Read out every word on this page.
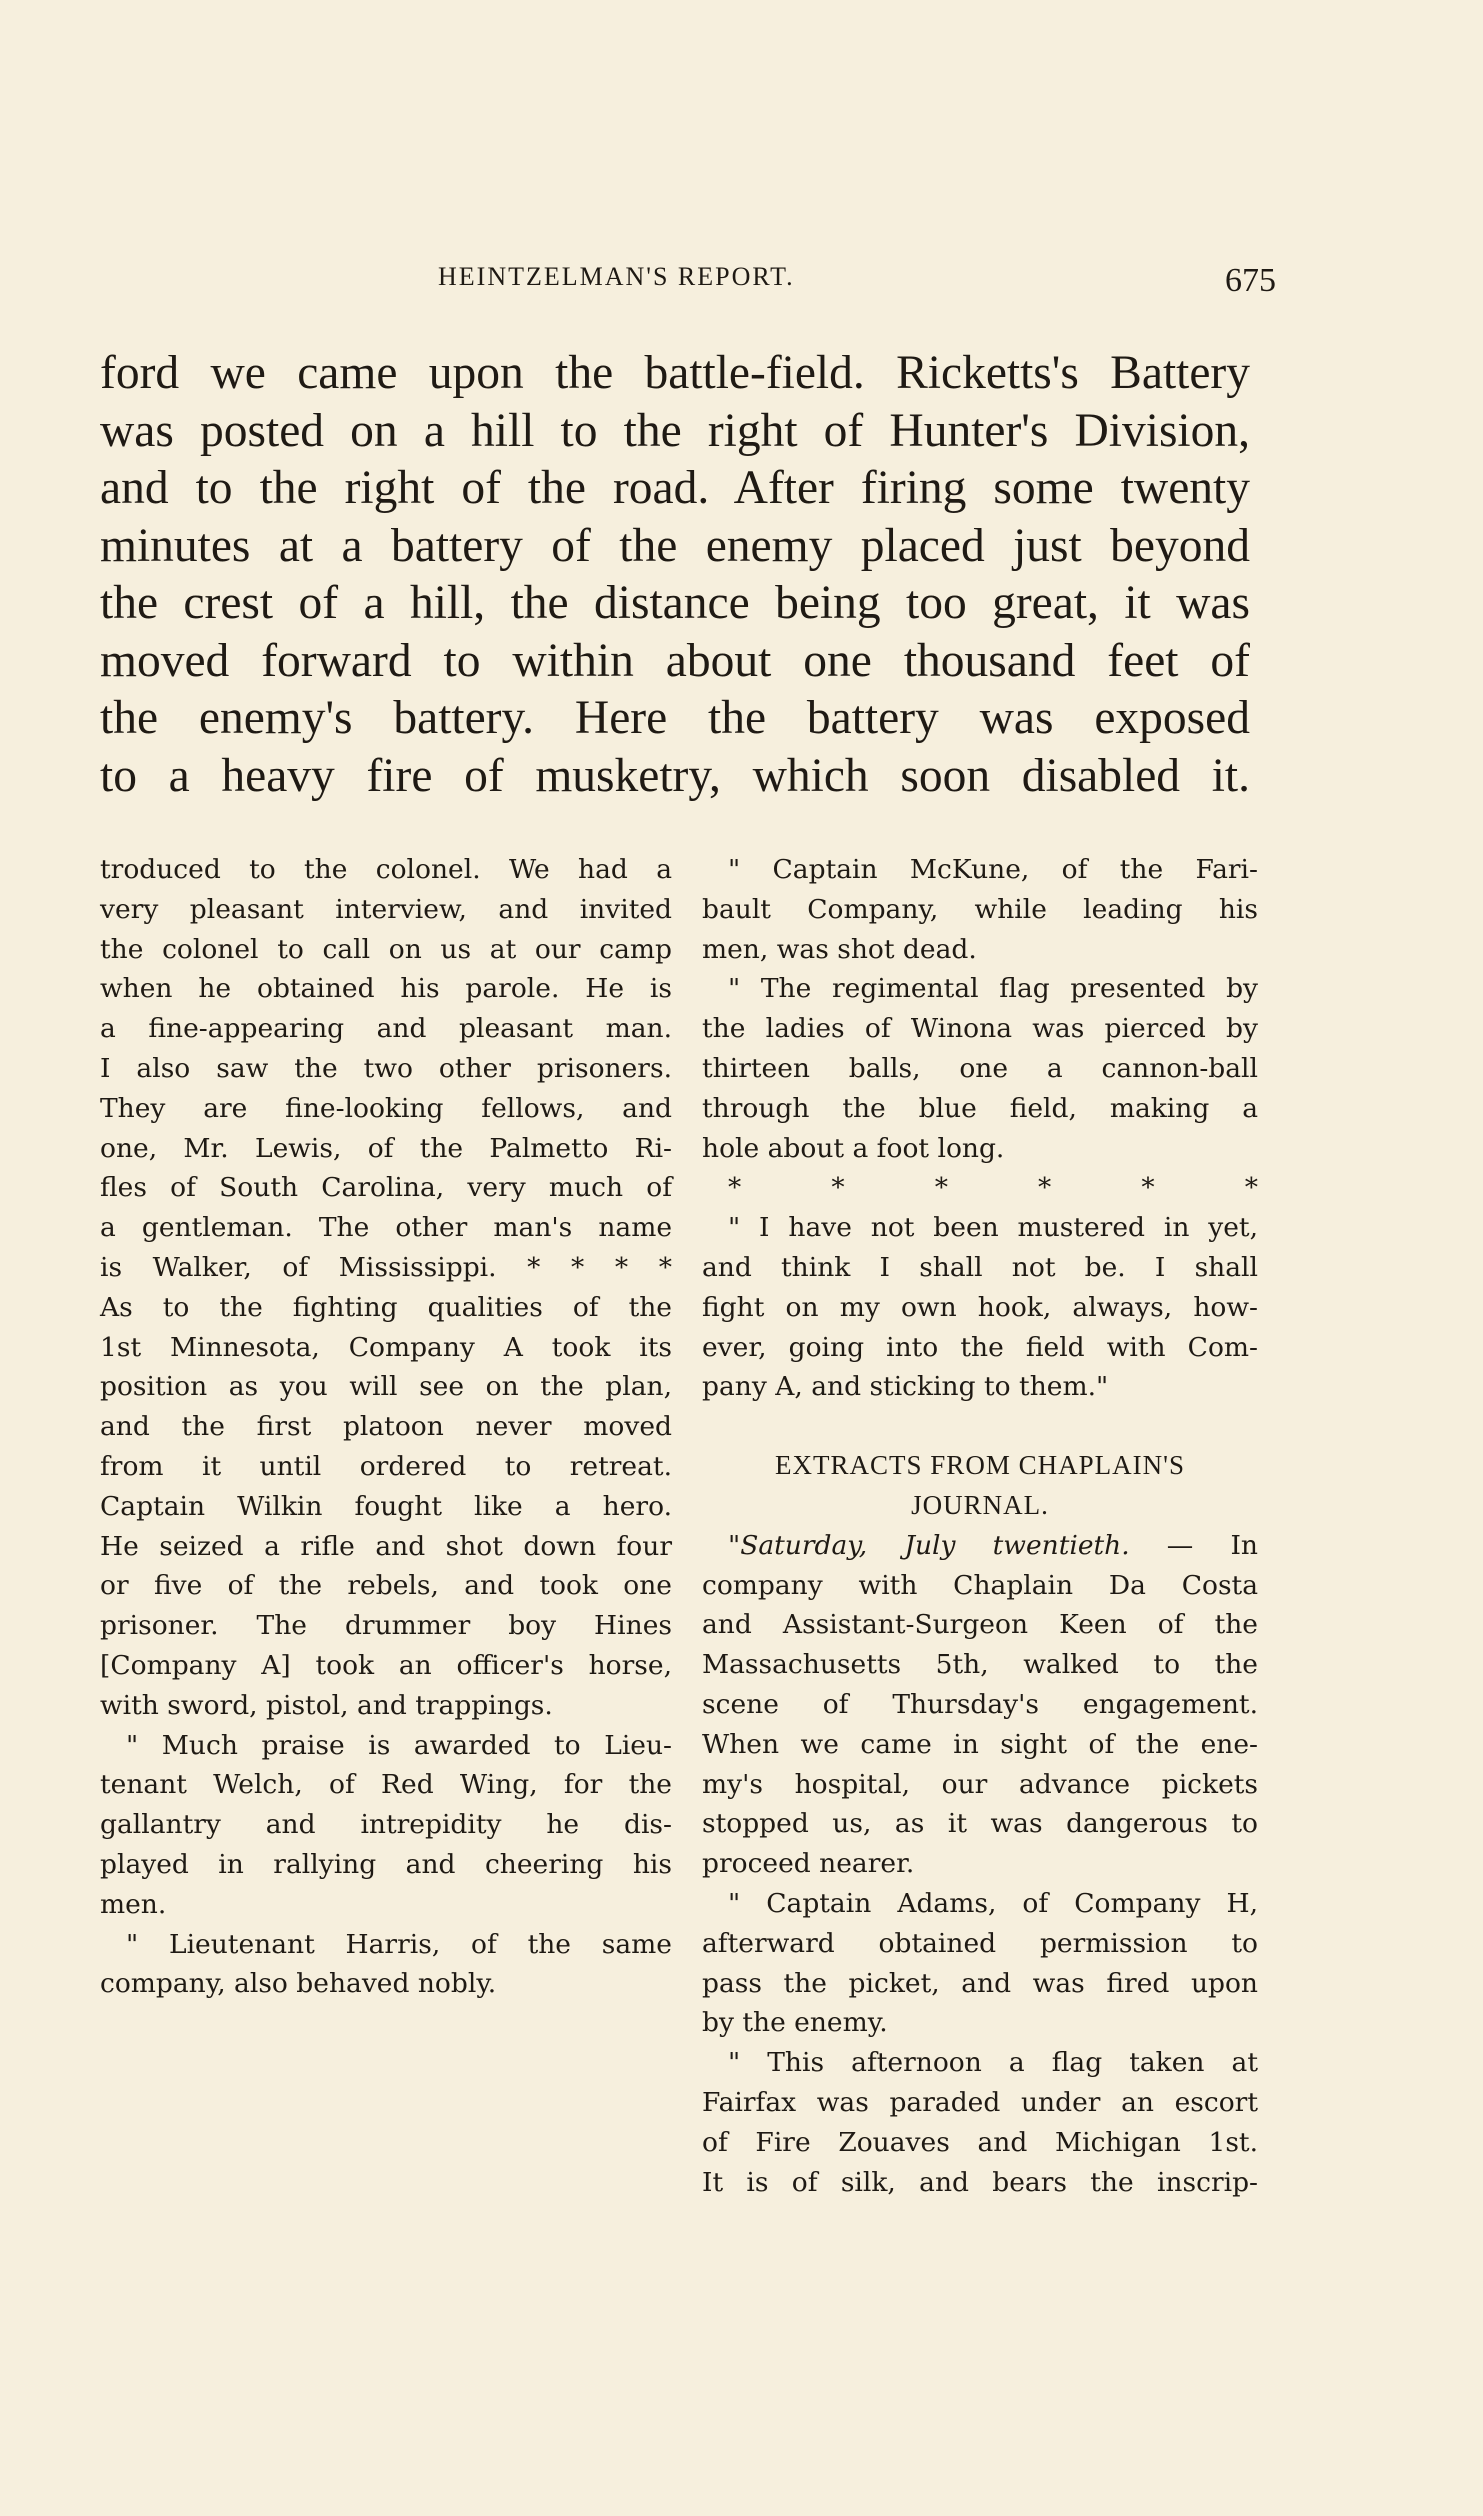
HEINTZELMAN'S REPORT.	675

ford we came upon the battle-field. Ricketts's Battery
was posted on a hill to the right of Hunter's Division,
and to the right of the road. After firing some twenty
minutes at a battery of the enemy placed just beyond
the crest of a hill, the distance being too great, it was
moved forward to within about one thousand feet of
the enemy's battery. Here the battery was exposed
to a heavy fire of musketry, which soon disabled it.

troduced to the colonel. We had a
very pleasant interview, and invited
the colonel to call on us at our camp
when he obtained his parole. He is
a fine-appearing and pleasant man.
I also saw the two other prisoners.
They are fine-looking fellows, and
one, Mr. Lewis, of the Palmetto Ri-
fles of South Carolina, very much of
a gentleman. The other man's name
is Walker, of Mississippi. * * * *
As to the fighting qualities of the
1st Minnesota, Company A took its
position as you will see on the plan,
and the first platoon never moved
from it until ordered to retreat.
Captain Wilkin fought like a hero.
He seized a rifle and shot down four
or five of the rebels, and took one
prisoner. The drummer boy Hines
[Company A] took an officer's horse,
with sword, pistol, and trappings.
" Much praise is awarded to Lieu-
tenant Welch, of Red Wing, for the
gallantry and intrepidity he dis-
played in rallying and cheering his
men.
" Lieutenant Harris, of the same
company, also behaved nobly.
" Captain McKune, of the Fari-
bault Company, while leading his
men, was shot dead.
" The regimental flag presented by
the ladies of Winona was pierced by
thirteen balls, one a cannon-ball
through the blue field, making a
hole about a foot long.
* * * * * *
" I have not been mustered in yet,
and think I shall not be. I shall
fight on my own hook, always, how-
ever, going into the field with Com-
pany A, and sticking to them."
EXTRACTS FROM CHAPLAIN'S
JOURNAL.
"Saturday, July twentieth. — In
company with Chaplain Da Costa
and Assistant-Surgeon Keen of the
Massachusetts 5th, walked to the
scene of Thursday's engagement.
When we came in sight of the ene-
my's hospital, our advance pickets
stopped us, as it was dangerous to
proceed nearer.
" Captain Adams, of Company H,
afterward obtained permission to
pass the picket, and was fired upon
by the enemy.
" This afternoon a flag taken at
Fairfax was paraded under an escort
of Fire Zouaves and Michigan 1st.
It is of silk, and bears the inscrip-
